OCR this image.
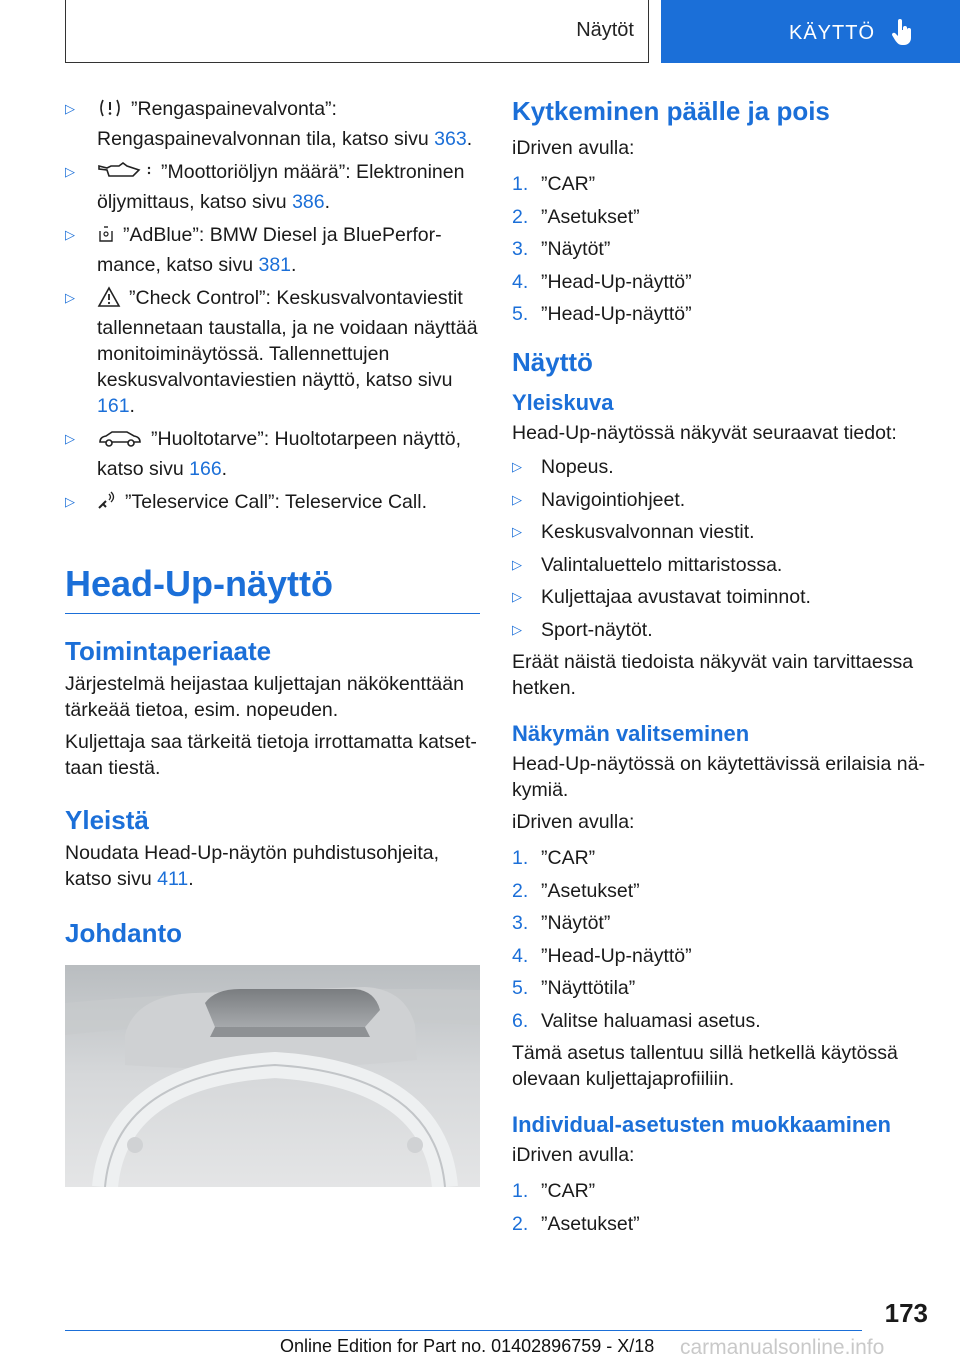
Näytöt	KÄYTTÖ
▷	”Rengaspainevalvonta”: Rengaspainevalvonnan tila, katso sivu 363.
▷	”Moottoriöljyn määrä”: Elektroninen öljymittaus, katso sivu 386.
▷	”AdBlue”: BMW Diesel ja BluePerformance, katso sivu 381.
▷	”Check Control”: Keskusvalvontaviestit tallennetaan taustalla, ja ne voidaan näyttää monitoiminäytössä. Tallennettujen keskusvalvontaviestien näyttö, katso sivu 161.
▷	”Huoltotarve”: Huoltotarpeen näyttö, katso sivu 166.
▷	”Teleservice Call”: Teleservice Call.
Head-Up-näyttö
Toimintaperiaate

Järjestelmä heijastaa kuljettajan näkökenttään tärkeää tietoa, esim. nopeuden.

Kuljettaja saa tärkeitä tietoja irrottamatta katsettaan tiestä.

Yleistä

Noudata Head-Up-näytön puhdistusohjeita, katso sivu 411.

Johdanto
Kytkeminen päälle ja pois

iDriven avulla:

1. ”CAR”
2. ”Asetukset”
3. ”Näytöt”
4. ”Head-Up-näyttö”
5. ”Head-Up-näyttö”
Näyttö
Yleiskuva

Head-Up-näytössä näkyvät seuraavat tiedot:

▷ Nopeus.
▷ Navigointiohjeet.
▷ Keskusvalvonnan viestit.
▷ Valintaluettelo mittaristossa.
▷ Kuljettajaa avustavat toiminnot.
▷ Sport-näytöt.

Eräät näistä tiedoista näkyvät vain tarvittaessa hetken.

Näkymän valitseminen

Head-Up-näytössä on käytettävissä erilaisia näkymiä.

iDriven avulla:

1. ”CAR”
2. ”Asetukset”
3. ”Näytöt”
4. ”Head-Up-näyttö”
5. ”Näyttötila”
6. Valitse haluamasi asetus.

Tämä asetus tallentuu sillä hetkellä käytössä olevaan kuljettajaprofiiliin.

Individual-asetusten muokkaaminen

iDriven avulla:

1. ”CAR”
2. ”Asetukset”
173
Online Edition for Part no. 01402896759 - X/18 carmanualsonline.info
